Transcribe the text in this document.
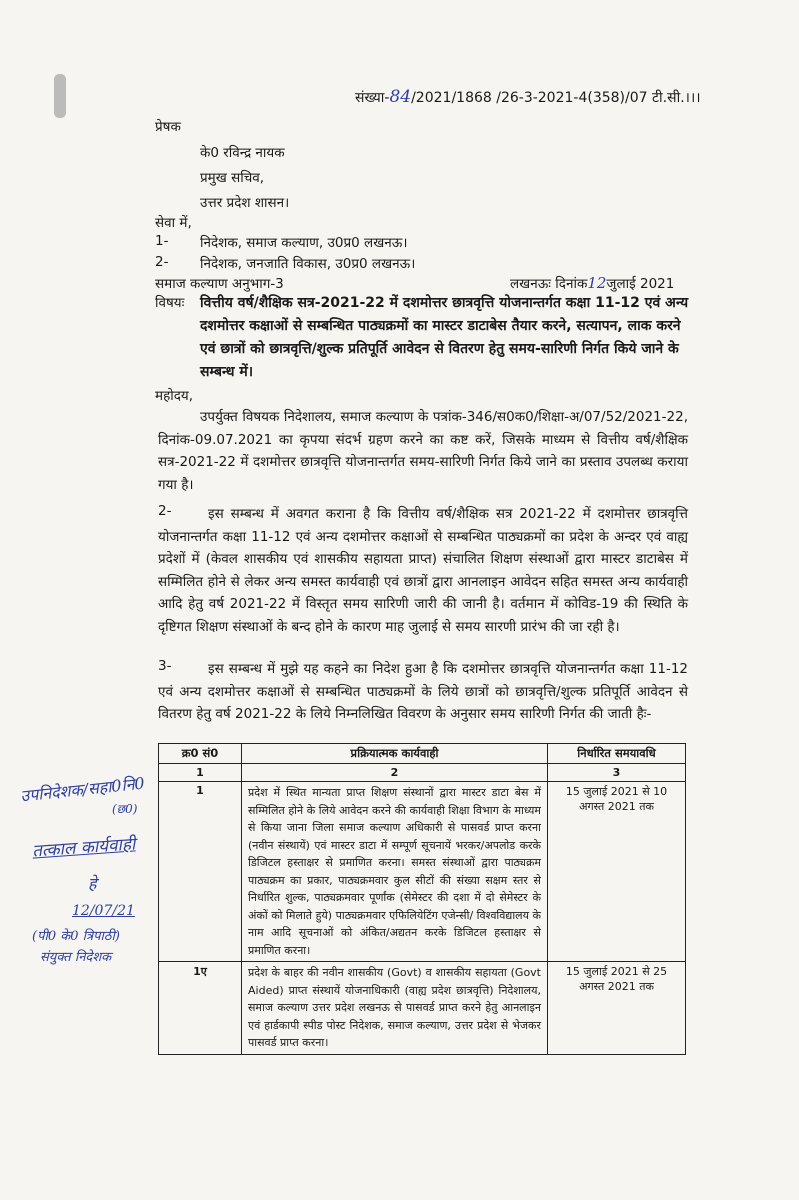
संख्या-84/2021/1868 /26-3-2021-4(358)/07 टी.सी.।।।
प्रेषक
के0 रविन्द्र नायक
प्रमुख सचिव,
उत्तर प्रदेश शासन।
सेवा में,
1- निदेशक, समाज कल्याण, उ0प्र0 लखनऊ।
2- निदेशक, जनजाति विकास, उ0प्र0 लखनऊ।
समाज कल्याण अनुभाग-3	लखनऊः दिनांक12जुलाई 2021
विषयः वित्तीय वर्ष/शैक्षिक सत्र-2021-22 में दशमोत्तर छात्रवृत्ति योजनान्तर्गत कक्षा 11-12 एवं अन्य दशमोत्तर कक्षाओं से सम्बन्धित पाठ्यक्रमों का मास्टर डाटाबेस तैयार करने, सत्यापन, लाक करने एवं छात्रों को छात्रवृत्ति/शुल्क प्रतिपूर्ति आवेदन से वितरण हेतु समय-सारिणी निर्गत किये जाने के सम्बन्ध में।
महोदय,
उपर्युक्त विषयक निदेशालय, समाज कल्याण के पत्रांक-346/स0क0/शिक्षा-अ/07/52/2021-22, दिनांक-09.07.2021 का कृपया संदर्भ ग्रहण करने का कष्ट करें, जिसके माध्यम से वित्तीय वर्ष/शैक्षिक सत्र-2021-22 में दशमोत्तर छात्रवृत्ति योजनान्तर्गत समय-सारिणी निर्गत किये जाने का प्रस्ताव उपलब्ध कराया गया है।
2-	इस सम्बन्ध में अवगत कराना है कि वित्तीय वर्ष/शैक्षिक सत्र 2021-22 में दशमोत्तर छात्रवृत्ति योजनान्तर्गत कक्षा 11-12 एवं अन्य दशमोत्तर कक्षाओं से सम्बन्धित पाठ्यक्रमों का प्रदेश के अन्दर एवं वाह्य प्रदेशों में (केवल शासकीय एवं शासकीय सहायता प्राप्त) संचालित शिक्षण संस्थाओं द्वारा मास्टर डाटाबेस में सम्मिलित होने से लेकर अन्य समस्त कार्यवाही एवं छात्रों द्वारा आनलाइन आवेदन सहित समस्त अन्य कार्यवाही आदि हेतु वर्ष 2021-22 में विस्तृत समय सारिणी जारी की जानी है। वर्तमान में कोविड-19 की स्थिति के दृष्टिगत शिक्षण संस्थाओं के बन्द होने के कारण माह जुलाई से समय सारणी प्रारंभ की जा रही है।
3-	इस सम्बन्ध में मुझे यह कहने का निदेश हुआ है कि दशमोत्तर छात्रवृत्ति योजनान्तर्गत कक्षा 11-12 एवं अन्य दशमोत्तर कक्षाओं से सम्बन्धित पाठ्यक्रमों के लिये छात्रों को छात्रवृत्ति/शुल्क प्रतिपूर्ति आवेदन से वितरण हेतु वर्ष 2021-22 के लिये निम्नलिखित विवरण के अनुसार समय सारिणी निर्गत की जाती हैः-
क्र0 सं0	प्रक्रियात्मक कार्यवाही	निर्धारित समयावधि
1	2	3
1	प्रदेश में स्थित मान्यता प्राप्त शिक्षण संस्थानों द्वारा मास्टर डाटा बेस में सम्मिलित होने के लिये आवेदन करने की कार्यवाही शिक्षा विभाग के माध्यम से किया जाना जिला समाज कल्याण अधिकारी से पासवर्ड प्राप्त करना (नवीन संस्थायें) एवं मास्टर डाटा में सम्पूर्ण सूचनायें भरकर/अपलोड करके डिजिटल हस्ताक्षर से प्रमाणित करना। समस्त संस्थाओं द्वारा पाठ्यक्रम पाठ्यक्रम का प्रकार, पाठ्यक्रमवार कुल सीटों की संख्या सक्षम स्तर से निर्धारित शुल्क, पाठ्यक्रमवार पूर्णांक (सेमेस्टर की दशा में दो सेमेस्टर के अंकों को मिलाते हुये) पाठ्यक्रमवार एफिलियेटिंग एजेन्सी/ विश्वविद्यालय के नाम आदि सूचनाओं को अंकित/अद्यतन करके डिजिटल हस्ताक्षर से प्रमाणित करना।	15 जुलाई 2021 से 10 अगस्त 2021 तक
1ए	प्रदेश के बाहर की नवीन शासकीय (Govt) व शासकीय सहायता (Govt Aided) प्राप्त संस्थायें योजनाधिकारी (वाह्य प्रदेश छात्रवृत्ति) निदेशालय, समाज कल्याण उत्तर प्रदेश लखनऊ से पासवर्ड प्राप्त करने हेतु आनलाइन एवं हार्डकापी स्पीड पोस्ट निदेशक, समाज कल्याण, उत्तर प्रदेश से भेजकर पासवर्ड प्राप्त करना।	15 जुलाई 2021 से 25 अगस्त 2021 तक
उपनिदेशक/सहा0नि0
(छ0)
तत्काल कार्यवाही
हे
12/07/21
(पी0 के0 त्रिपाठी)
संयुक्त निदेशक
